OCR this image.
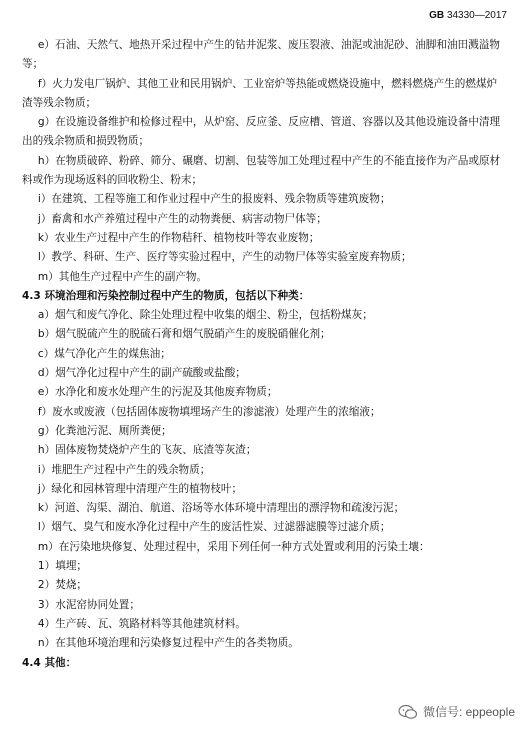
GB 34330—2017

e）石油、天然气、地热开采过程中产生的钻井泥浆、废压裂液、油泥或油泥砂、油脚和油田溅溢物等；

f）火力发电厂锅炉、其他工业和民用锅炉、工业窑炉等热能或燃烧设施中，燃料燃烧产生的燃煤炉渣等残余物质；

g）在设施设备维护和检修过程中，从炉窑、反应釜、反应槽、管道、容器以及其他设施设备中清理出的残余物质和损毁物质；

h）在物质破碎、粉碎、筛分、碾磨、切割、包装等加工处理过程中产生的不能直接作为产品或原材料或作为现场返料的回收粉尘、粉末；

i）在建筑、工程等施工和作业过程中产生的报废料、残余物质等建筑废物；

j）畜禽和水产养殖过程中产生的动物粪便、病害动物尸体等；

k）农业生产过程中产生的作物秸秆、植物枝叶等农业废物；

l）教学、科研、生产、医疗等实验过程中，产生的动物尸体等实验室废弃物质；

m）其他生产过程中产生的副产物。

4.3 环境治理和污染控制过程中产生的物质，包括以下种类：

a）烟气和废气净化、除尘处理过程中收集的烟尘、粉尘，包括粉煤灰；

b）烟气脱硫产生的脱硫石膏和烟气脱硝产生的废脱硝催化剂；

c）煤气净化产生的煤焦油；

d）烟气净化过程中产生的副产硫酸或盐酸；

e）水净化和废水处理产生的污泥及其他废弃物质；

f）废水或废液（包括固体废物填埋场产生的渗滤液）处理产生的浓缩液；

g）化粪池污泥、厕所粪便；

h）固体废物焚烧炉产生的飞灰、底渣等灰渣；

i）堆肥生产过程中产生的残余物质；

j）绿化和园林管理中清理产生的植物枝叶；

k）河道、沟渠、湖泊、航道、浴场等水体环境中清理出的漂浮物和疏浚污泥；

l）烟气、臭气和废水净化过程中产生的废活性炭、过滤器滤膜等过滤介质；

m）在污染地块修复、处理过程中，采用下列任何一种方式处置或利用的污染土壤：

1）填埋；

2）焚烧；

3）水泥窑协同处置；

4）生产砖、瓦、筑路材料等其他建筑材料。

n）在其他环境治理和污染修复过程中产生的各类物质。

4.4 其他：

微信号: eppeople
